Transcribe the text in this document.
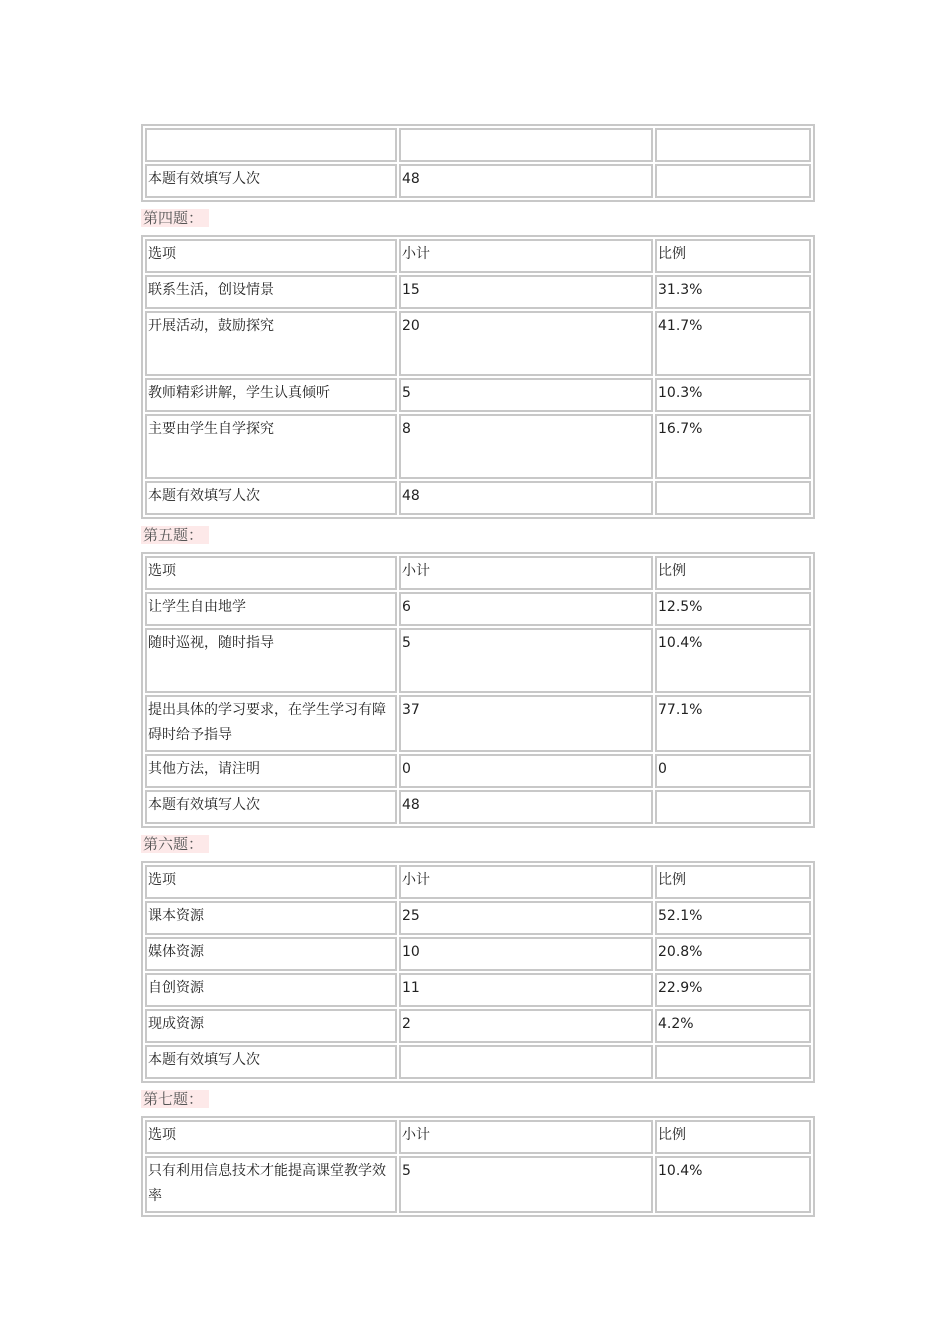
本题有效填写人次	48	
第四题：
选项	小计	比例
联系生活，创设情景	15	31.3%
开展活动，鼓励探究	20	41.7%
教师精彩讲解，学生认真倾听	5	10.3%
主要由学生自学探究	8	16.7%
本题有效填写人次	48	
第五题：
选项	小计	比例
让学生自由地学	6	12.5%
随时巡视，随时指导	5	10.4%
提出具体的学习要求，在学生学习有障碍时给予指导	37	77.1%
其他方法，请注明	0	0
本题有效填写人次	48	
第六题：
选项	小计	比例
课本资源	25	52.1%
媒体资源	10	20.8%
自创资源	11	22.9%
现成资源	2	4.2%
本题有效填写人次		
第七题：
选项	小计	比例
只有利用信息技术才能提高课堂教学效率	5	10.4%
